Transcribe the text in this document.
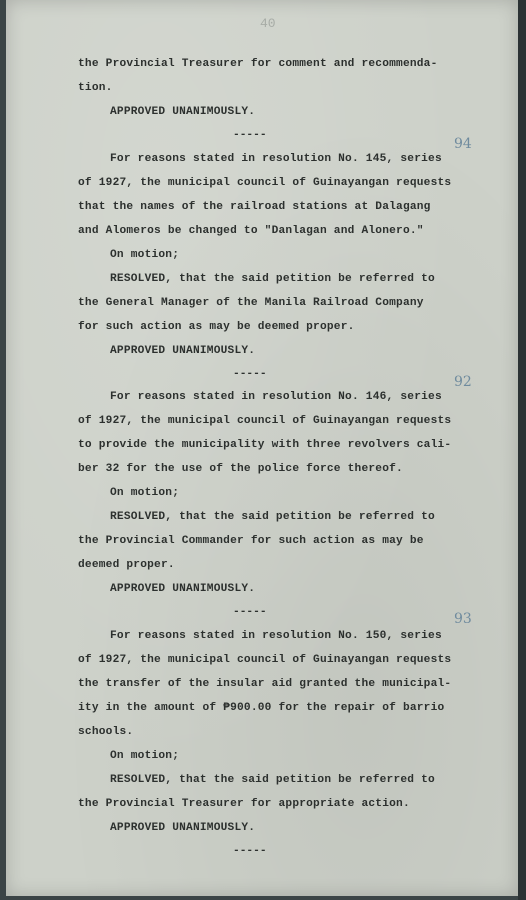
40
94
92
93
the Provincial Treasurer for comment and recommenda-
tion.
APPROVED UNANIMOUSLY.
-----
For reasons stated in resolution No. 145, series
of 1927, the municipal council of Guinayangan requests
that the names of the railroad stations at Dalagang
and Alomeros be changed to "Danlagan and Alonero."
On motion;
RESOLVED, that the said petition be referred to
the General Manager of the Manila Railroad Company
for such action as may be deemed proper.
APPROVED UNANIMOUSLY.
-----
For reasons stated in resolution No. 146, series
of 1927, the municipal council of Guinayangan requests
to provide the municipality with three revolvers cali-
ber 32 for the use of the police force thereof.
On motion;
RESOLVED, that the said petition be referred to
the Provincial Commander for such action as may be
deemed proper.
APPROVED UNANIMOUSLY.
-----
For reasons stated in resolution No. 150, series
of 1927, the municipal council of Guinayangan requests
the transfer of the insular aid granted the municipal-
ity in the amount of ₱900.00 for the repair of barrio
schools.
On motion;
RESOLVED, that the said petition be referred to
the Provincial Treasurer for appropriate action.
APPROVED UNANIMOUSLY.
-----
